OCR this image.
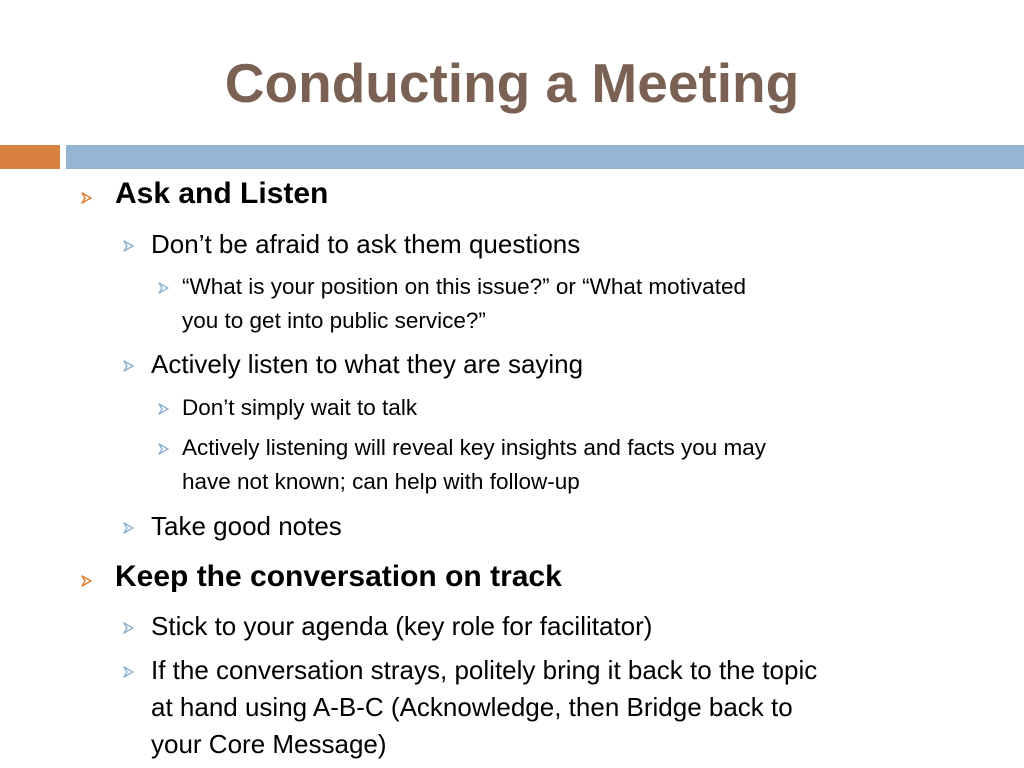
Conducting a Meeting
Ask and Listen
Don’t be afraid to ask them questions
“What is your position on this issue?” or “What motivated
you to get into public service?”
Actively listen to what they are saying
Don’t simply wait to talk
Actively listening will reveal key insights and facts you may
have not known; can help with follow-up
Take good notes
Keep the conversation on track
Stick to your agenda (key role for facilitator)
If the conversation strays, politely bring it back to the topic
at hand using A-B-C (Acknowledge, then Bridge back to
your Core Message)
